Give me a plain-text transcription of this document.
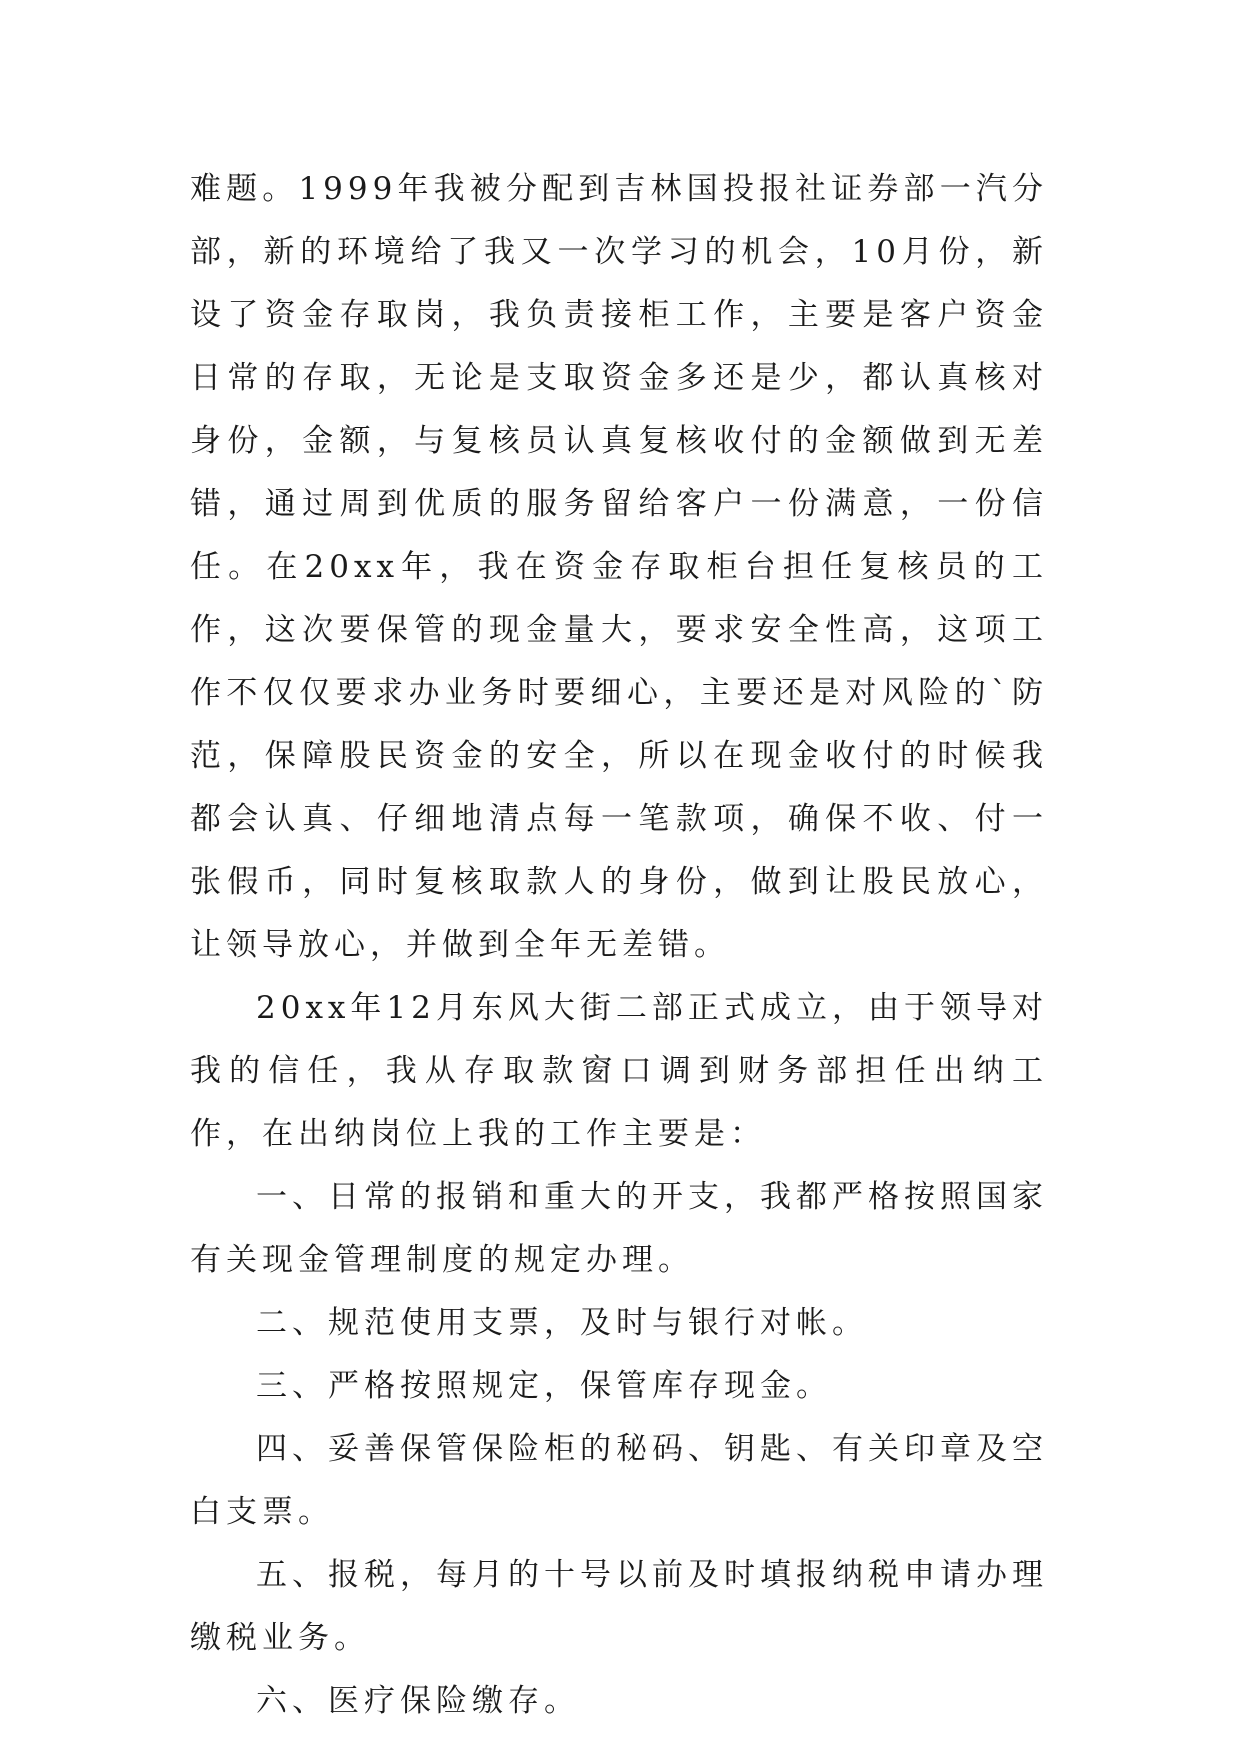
难题。1999年我被分配到吉林国投报社证券部一汽分部，新的环境给了我又一次学习的机会，10月份，新设了资金存取岗，我负责接柜工作，主要是客户资金日常的存取，无论是支取资金多还是少，都认真核对身份，金额，与复核员认真复核收付的金额做到无差错，通过周到优质的服务留给客户一份满意，一份信任。在20xx年，我在资金存取柜台担任复核员的工作，这次要保管的现金量大，要求安全性高，这项工作不仅仅要求办业务时要细心，主要还是对风险的`防范，保障股民资金的安全，所以在现金收付的时候我都会认真、仔细地清点每一笔款项，确保不收、付一张假币，同时复核取款人的身份，做到让股民放心，让领导放心，并做到全年无差错。

20xx年12月东风大街二部正式成立，由于领导对我的信任，我从存取款窗口调到财务部担任出纳工作，在出纳岗位上我的工作主要是：

一、日常的报销和重大的开支，我都严格按照国家有关现金管理制度的规定办理。

二、规范使用支票，及时与银行对帐。

三、严格按照规定，保管库存现金。

四、妥善保管保险柜的秘码、钥匙、有关印章及空白支票。

五、报税，每月的十号以前及时填报纳税申请办理缴税业务。

六、医疗保险缴存。
